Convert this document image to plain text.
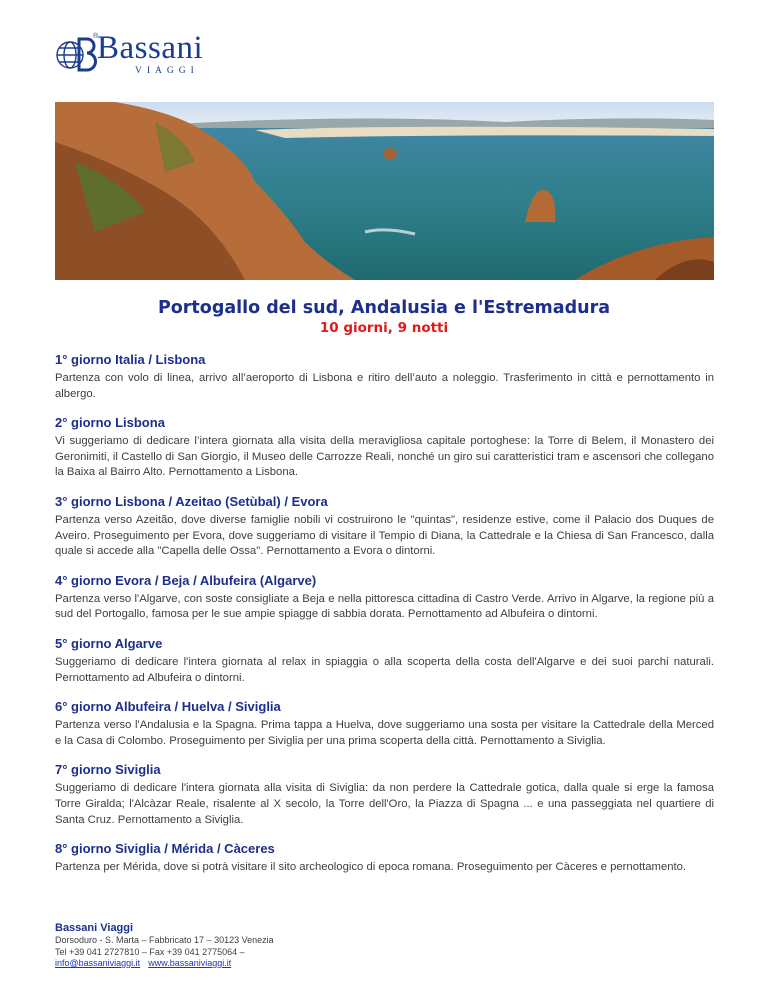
®
Bassani
VIAGGI
Portogallo del sud, Andalusia e l'Estremadura
10 giorni, 9 notti
1° giorno Italia / Lisbona

Partenza con volo di linea, arrivo all’aeroporto di Lisbona e ritiro dell’auto a noleggio. Trasferimento in città e pernottamento in albergo.

2° giorno Lisbona

Vi suggeriamo di dedicare l’intera giornata alla visita della meravigliosa capitale portoghese: la Torre di Belem, il Monastero dei Geronimiti, il Castello di San Giorgio, il Museo delle Carrozze Reali, nonché un giro sui caratteristici tram e ascensori che collegano la Baixa al Bairro Alto. Pernottamento a Lisbona.

3° giorno Lisbona / Azeitao (Setùbal) / Evora

Partenza verso Azeitão, dove diverse famiglie nobili vi costruirono le "quintas", residenze estive, come il Palacio dos Duques de Aveiro. Proseguimento per Evora, dove suggeriamo di visitare il Tempio di Diana, la Cattedrale e la Chiesa di San Francesco, dalla quale si accede alla "Capella delle Ossa". Pernottamento a Evora o dintorni.

4° giorno Evora / Beja / Albufeira (Algarve)

Partenza verso l'Algarve, con soste consigliate a Beja e nella pittoresca cittadina di Castro Verde. Arrivo in Algarve, la regione più a sud del Portogallo, famosa per le sue ampie spiagge di sabbia dorata. Pernottamento ad Albufeira o dintorni.

5° giorno Algarve

Suggeriamo di dedicare l'intera giornata al relax in spiaggia o alla scoperta della costa dell'Algarve e dei suoi parchi naturali. Pernottamento ad Albufeira o dintorni.

6° giorno Albufeira / Huelva / Siviglia

Partenza verso l'Andalusia e la Spagna. Prima tappa a Huelva, dove suggeriamo una sosta per visitare la Cattedrale della Merced e la Casa di Colombo. Proseguimento per Siviglia per una prima scoperta della città. Pernottamento a Siviglia.

7° giorno Siviglia

Suggeriamo di dedicare l'intera giornata alla visita di Siviglia: da non perdere la Cattedrale gotica, dalla quale si erge la famosa Torre Giralda; l'Alcàzar Reale, risalente al X secolo, la Torre dell'Oro, la Piazza di Spagna ... e una passeggiata nel quartiere di Santa Cruz. Pernottamento a Siviglia.

8° giorno Siviglia / Mérida / Càceres

Partenza per Mérida, dove si potrà visitare il sito archeologico di epoca romana. Proseguimento per Càceres e pernottamento.

Bassani Viaggi
Dorsoduro - S. Marta – Fabbricato 17 – 30123 Venezia
Tel +39 041 2727810 – Fax +39 041 2775064 –
info@bassaniviaggi.it www.bassaniviaggi.it
